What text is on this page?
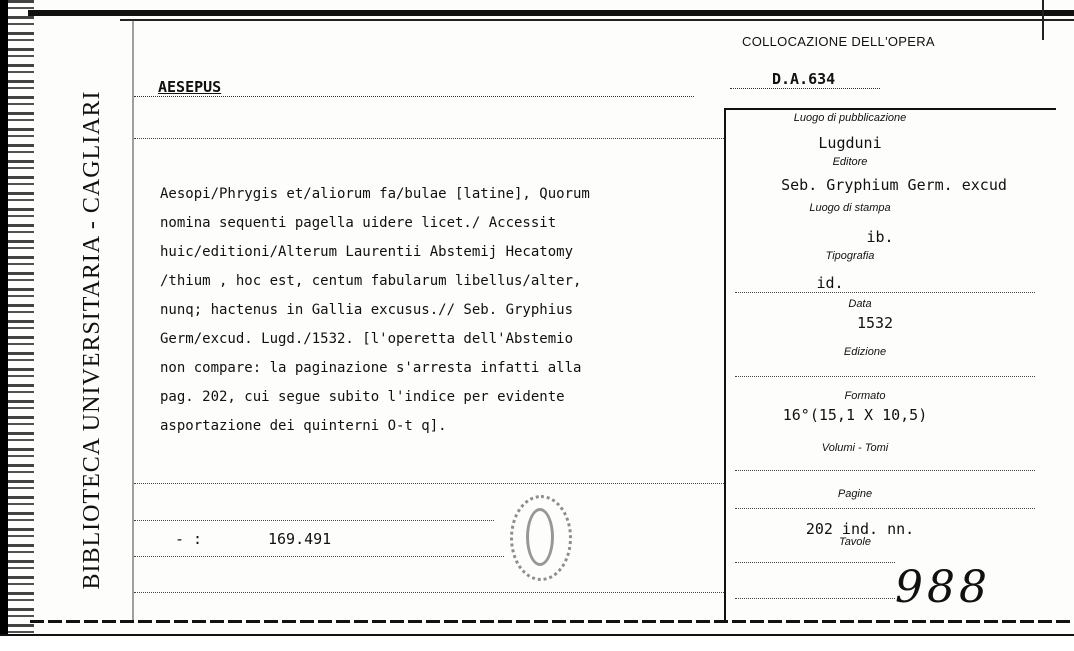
BIBLIOTECA UNIVERSITARIA - CAGLIARI
COLLOCAZIONE DELL'OPERA
D.A.634
AESEPUS
Aesopi/Phrygis et/aliorum fa/bulae [latine], Quorum
nomina sequenti pagella uidere licet./ Accessit
huic/editioni/Alterum Laurentii Abstemij Hecatomy
/thium , hoc est, centum fabularum libellus/alter,
nunq; hactenus in Gallia excusus.// Seb. Gryphius
Germ/excud. Lugd./1532. [l'operetta dell'Abstemio
non compare: la paginazione s'arresta infatti alla
pag. 202, cui segue subito l'indice per evidente
asportazione dei quinterni O-t q].
- :	169.491
Luogo di pubblicazione
Lugduni
Editore
Seb. Gryphium Germ. excud
Luogo di stampa
ib.
Tipografia
id.
Data
1532
Edizione
Formato
16°(15,1 X 10,5)
Volumi - Tomi
Pagine
202 ind. nn.
Tavole
988
